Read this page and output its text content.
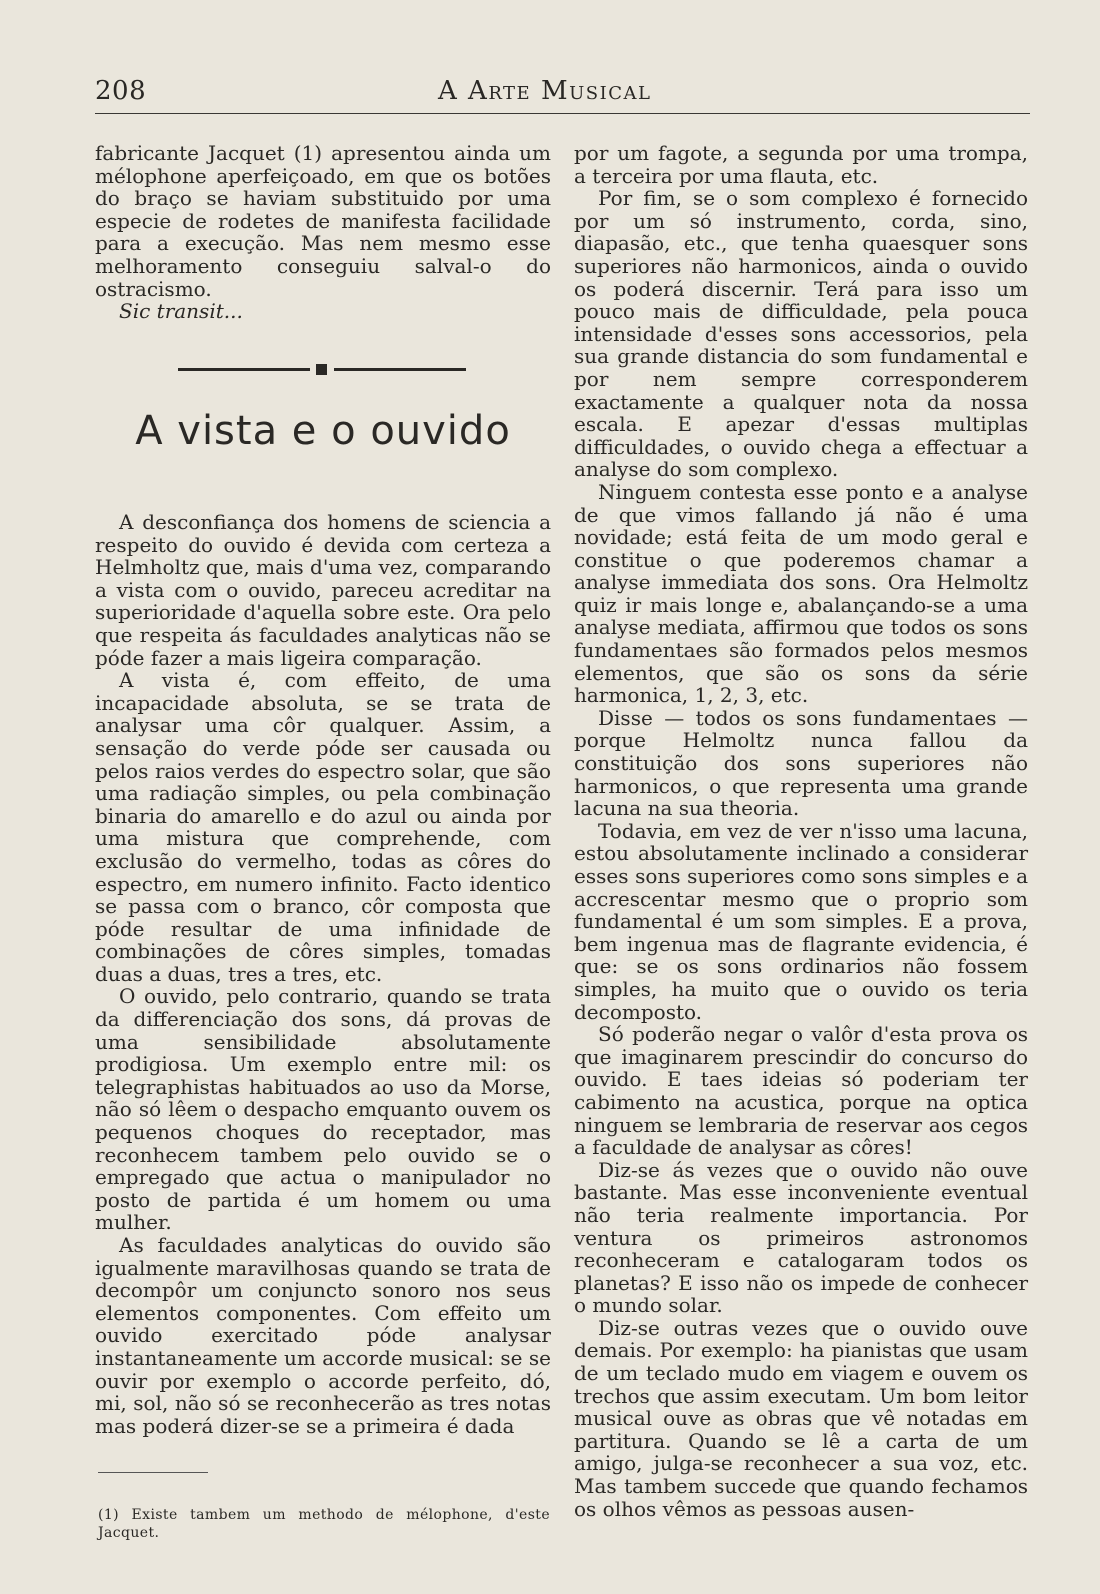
208	A Arte Musical

fabricante Jacquet (1) apresentou ainda um mélophone aperfeiçoado, em que os botões do braço se haviam substituido por uma especie de rodetes de manifesta facilidade para a execução. Mas nem mesmo esse melhoramento conseguiu salval-o do ostracismo.

Sic transit...

A vista e o ouvido

A desconfiança dos homens de sciencia a respeito do ouvido é devida com certeza a Helmholtz que, mais d'uma vez, comparando a vista com o ouvido, pareceu acreditar na superioridade d'aquella sobre este. Ora pelo que respeita ás faculdades analyticas não se póde fazer a mais ligeira comparação.

A vista é, com effeito, de uma incapacidade absoluta, se se trata de analysar uma côr qualquer. Assim, a sensação do verde póde ser causada ou pelos raios verdes do espectro solar, que são uma radiação simples, ou pela combinação binaria do amarello e do azul ou ainda por uma mistura que comprehende, com exclusão do vermelho, todas as côres do espectro, em numero infinito. Facto identico se passa com o branco, côr composta que póde resultar de uma infinidade de combinações de côres simples, tomadas duas a duas, tres a tres, etc.

O ouvido, pelo contrario, quando se trata da differenciação dos sons, dá provas de uma sensibilidade absolutamente prodigiosa. Um exemplo entre mil: os telegraphistas habituados ao uso da Morse, não só lêem o despacho emquanto ouvem os pequenos choques do receptador, mas reconhecem tambem pelo ouvido se o empregado que actua o manipulador no posto de partida é um homem ou uma mulher.

As faculdades analyticas do ouvido são igualmente maravilhosas quando se trata de decompôr um conjuncto sonoro nos seus elementos componentes. Com effeito um ouvido exercitado póde analysar instantaneamente um accorde musical: se se ouvir por exemplo o accorde perfeito, dó, mi, sol, não só se reconhecerão as tres notas mas poderá dizer-se se a primeira é dada

por um fagote, a segunda por uma trompa, a terceira por uma flauta, etc.

Por fim, se o som complexo é fornecido por um só instrumento, corda, sino, diapasão, etc., que tenha quaesquer sons superiores não harmonicos, ainda o ouvido os poderá discernir. Terá para isso um pouco mais de difficuldade, pela pouca intensidade d'esses sons accessorios, pela sua grande distancia do som fundamental e por nem sempre corresponderem exactamente a qualquer nota da nossa escala. E apezar d'essas multiplas difficuldades, o ouvido chega a effectuar a analyse do som complexo.

Ninguem contesta esse ponto e a analyse de que vimos fallando já não é uma novidade; está feita de um modo geral e constitue o que poderemos chamar a analyse immediata dos sons. Ora Helmoltz quiz ir mais longe e, abalançando-se a uma analyse mediata, affirmou que todos os sons fundamentaes são formados pelos mesmos elementos, que são os sons da série harmonica, 1, 2, 3, etc.

Disse — todos os sons fundamentaes — porque Helmoltz nunca fallou da constituição dos sons superiores não harmonicos, o que representa uma grande lacuna na sua theoria.

Todavia, em vez de ver n'isso uma lacuna, estou absolutamente inclinado a considerar esses sons superiores como sons simples e a accrescentar mesmo que o proprio som fundamental é um som simples. E a prova, bem ingenua mas de flagrante evidencia, é que: se os sons ordinarios não fossem simples, ha muito que o ouvido os teria decomposto.

Só poderão negar o valôr d'esta prova os que imaginarem prescindir do concurso do ouvido. E taes ideias só poderiam ter cabimento na acustica, porque na optica ninguem se lembraria de reservar aos cegos a faculdade de analysar as côres!

Diz-se ás vezes que o ouvido não ouve bastante. Mas esse inconveniente eventual não teria realmente importancia. Por ventura os primeiros astronomos reconheceram e catalogaram todos os planetas? E isso não os impede de conhecer o mundo solar.

Diz-se outras vezes que o ouvido ouve demais. Por exemplo: ha pianistas que usam de um teclado mudo em viagem e ouvem os trechos que assim executam. Um bom leitor musical ouve as obras que vê notadas em partitura. Quando se lê a carta de um amigo, julga-se reconhecer a sua voz, etc. Mas tambem succede que quando fechamos os olhos vêmos as pessoas ausen-

(1) Existe tambem um methodo de mélophone, d'este Jacquet.
